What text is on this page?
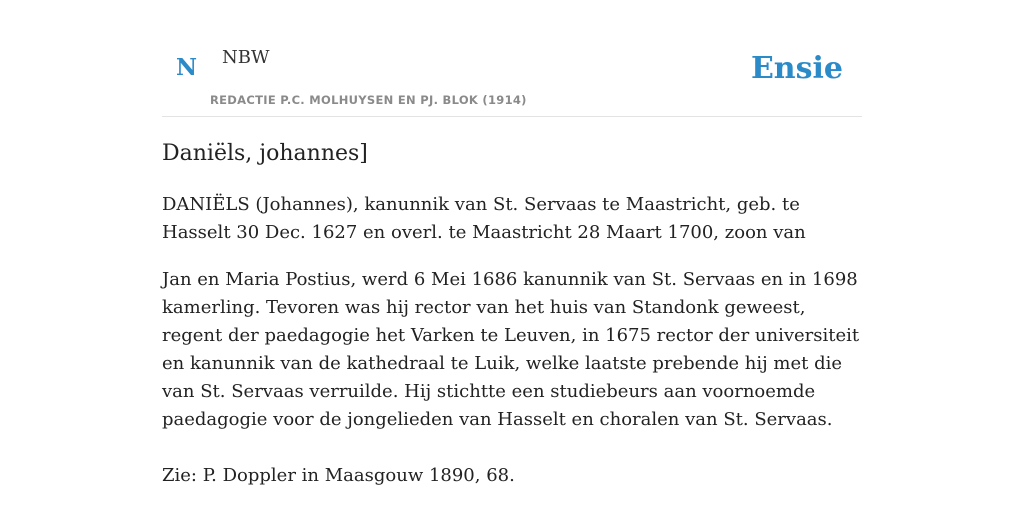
N NBW
REDACTIE P.C. MOLHUYSEN EN PJ. BLOK (1914)
Ensie
Daniëls, johannes]

DANIËLS (Johannes), kanunnik van St. Servaas te Maastricht, geb. te Hasselt 30 Dec. 1627 en overl. te Maastricht 28 Maart 1700, zoon van

Jan en Maria Postius, werd 6 Mei 1686 kanunnik van St. Servaas en in 1698 kamerling. Tevoren was hij rector van het huis van Standonk geweest, regent der paedagogie het Varken te Leuven, in 1675 rector der universiteit en kanunnik van de kathedraal te Luik, welke laatste prebende hij met die van St. Servaas verruilde. Hij stichtte een studiebeurs aan voornoemde paedagogie voor de jongelieden van Hasselt en choralen van St. Servaas.

Zie: P. Doppler in Maasgouw 1890, 68.
